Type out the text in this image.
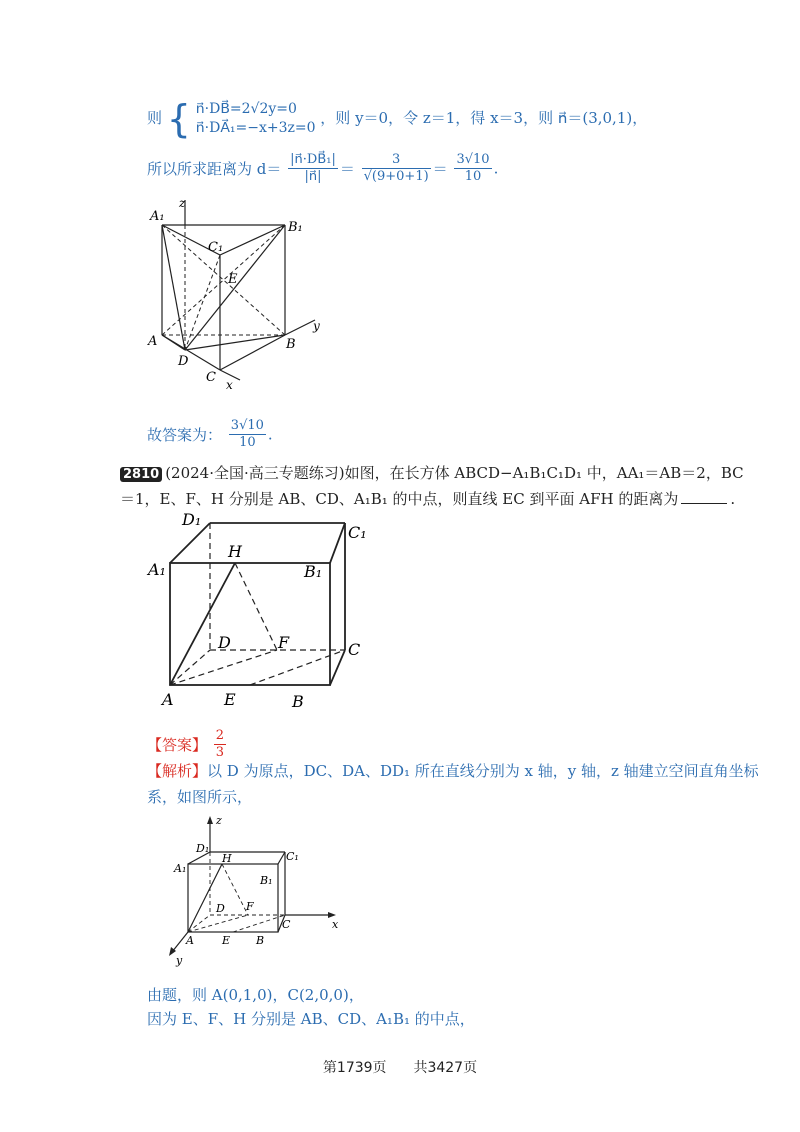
则 { n⃗·DB⃗=2√2y=0
n⃗·DA⃗₁=−x+3z=0
，则 y＝0，令 z＝1，得 x＝3，则 n⃗＝(3,0,1)，
所以所求距离为 $d= \frac{\text{|n⃗·DB⃗₁|}}{|n⃗|} = \frac{3}{√(9+0+1)} = \frac{3√10}{10}$ .
A₁
z
B₁
C₁
E
A
D
B
y
C x
故答案为： $\frac{3√10}{10}$ .
2810 (2024·全国·高三专题练习)如图，在长方体 ABCD−A₁B₁C₁D₁ 中，AA₁＝AB＝2，BC
＝1，E、F、H 分别是 AB、CD、A₁B₁ 的中点，则直线 EC 到平面 AFH 的距离为	.
D₁
C₁
H
A₁	B₁
D	F	C
A	E	B
【答案】 $\frac{2}{3}$
【解析】以 D 为原点，DC、DA、DD₁ 所在直线分别为 x 轴，y 轴，z 轴建立空间直角坐标
系，如图所示，
z
D₁
H	C₁
A₁
B₁
D F
C	x
A	E B
y
由题，则 A(0,1,0)，C(2,0,0)，
因为 E、F、H 分别是 AB、CD、A₁B₁ 的中点，
第1739页 共3427页
